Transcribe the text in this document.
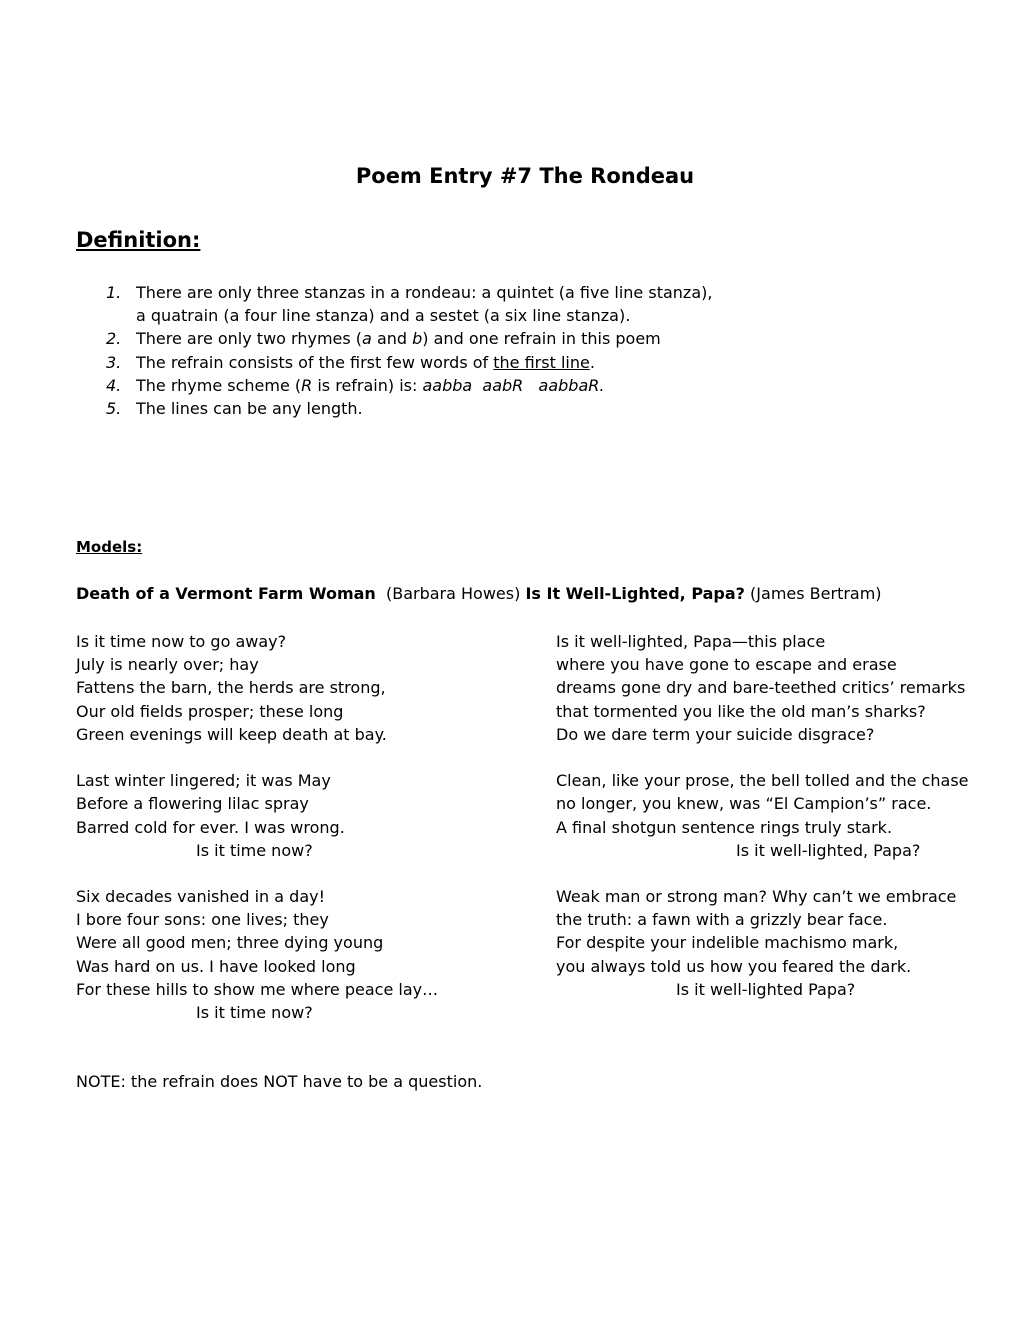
Poem Entry #7 The Rondeau
Definition:
1. There are only three stanzas in a rondeau: a quintet (a five line stanza),
a quatrain (a four line stanza) and a sestet (a six line stanza).
2. There are only two rhymes (a and b) and one refrain in this poem
3. The refrain consists of the first few words of the first line.
4. The rhyme scheme (R is refrain) is: aabba  aabR   aabbaR.
5. The lines can be any length.
Models:
Death of a Vermont Farm Woman (Barbara Howes) Is It Well-Lighted, Papa? (James Bertram)
Is it time now to go away?
July is nearly over; hay
Fattens the barn, the herds are strong,
Our old fields prosper; these long
Green evenings will keep death at bay.
Last winter lingered; it was May
Before a flowering lilac spray
Barred cold for ever. I was wrong.
Is it time now?
Six decades vanished in a day!
I bore four sons: one lives; they
Were all good men; three dying young
Was hard on us. I have looked long
For these hills to show me where peace lay…
Is it time now?
Is it well-lighted, Papa—this place
where you have gone to escape and erase
dreams gone dry and bare-teethed critics’ remarks
that tormented you like the old man’s sharks?
Do we dare term your suicide disgrace?
Clean, like your prose, the bell tolled and the chase
no longer, you knew, was “El Campion’s” race.
A final shotgun sentence rings truly stark.
Is it well-lighted, Papa?
Weak man or strong man? Why can’t we embrace
the truth: a fawn with a grizzly bear face.
For despite your indelible machismo mark,
you always told us how you feared the dark.
Is it well-lighted Papa?
NOTE: the refrain does NOT have to be a question.
